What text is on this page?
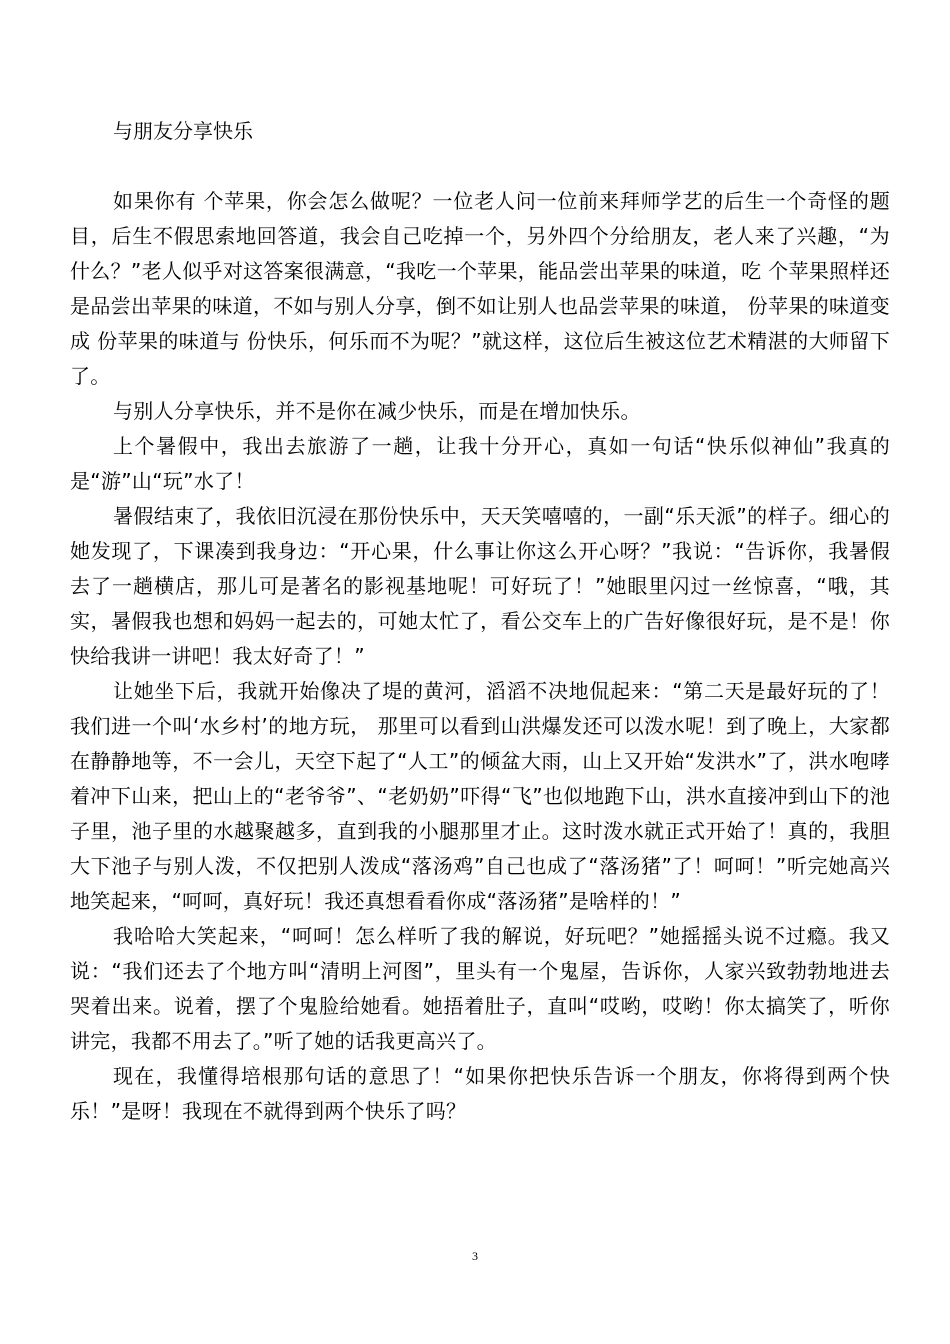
与朋友分享快乐

如果你有 个苹果，你会怎么做呢？一位老人问一位前来拜师学艺的后生一个奇怪的题目，后生不假思索地回答道，我会自己吃掉一个，另外四个分给朋友，老人来了兴趣，“为什么？”老人似乎对这答案很满意，“我吃一个苹果，能品尝出苹果的味道，吃 个苹果照样还是品尝出苹果的味道，不如与别人分享，倒不如让别人也品尝苹果的味道， 份苹果的味道变成 份苹果的味道与 份快乐，何乐而不为呢？”就这样，这位后生被这位艺术精湛的大师留下了。

与别人分享快乐，并不是你在减少快乐，而是在增加快乐。

上个暑假中，我出去旅游了一趟，让我十分开心，真如一句话“快乐似神仙”我真的是“游”山“玩”水了！

暑假结束了，我依旧沉浸在那份快乐中，天天笑嘻嘻的，一副“乐天派”的样子。细心的她发现了，下课凑到我身边：“开心果，什么事让你这么开心呀？”我说：“告诉你，我暑假去了一趟横店，那儿可是著名的影视基地呢！可好玩了！”她眼里闪过一丝惊喜，“哦，其实，暑假我也想和妈妈一起去的，可她太忙了，看公交车上的广告好像很好玩，是不是！你快给我讲一讲吧！我太好奇了！”

让她坐下后，我就开始像决了堤的黄河，滔滔不决地侃起来：“第二天是最好玩的了！我们进一个叫‘水乡村’的地方玩， 那里可以看到山洪爆发还可以泼水呢！到了晚上，大家都在静静地等，不一会儿，天空下起了“人工”的倾盆大雨，山上又开始“发洪水”了，洪水咆哮着冲下山来，把山上的“老爷爷”、“老奶奶”吓得“飞”也似地跑下山，洪水直接冲到山下的池子里，池子里的水越聚越多，直到我的小腿那里才止。这时泼水就正式开始了！真的，我胆大下池子与别人泼，不仅把别人泼成“落汤鸡”自己也成了“落汤猪”了！呵呵！”听完她高兴地笑起来，“呵呵，真好玩！我还真想看看你成“落汤猪”是啥样的！”

我哈哈大笑起来，“呵呵！怎么样听了我的解说，好玩吧？”她摇摇头说不过瘾。我又说：“我们还去了个地方叫“清明上河图”，里头有一个鬼屋，告诉你，人家兴致勃勃地进去哭着出来。说着，摆了个鬼脸给她看。她捂着肚子，直叫“哎哟，哎哟！你太搞笑了，听你讲完，我都不用去了。”听了她的话我更高兴了。

现在，我懂得培根那句话的意思了！“如果你把快乐告诉一个朋友，你将得到两个快乐！”是呀！我现在不就得到两个快乐了吗？

3
